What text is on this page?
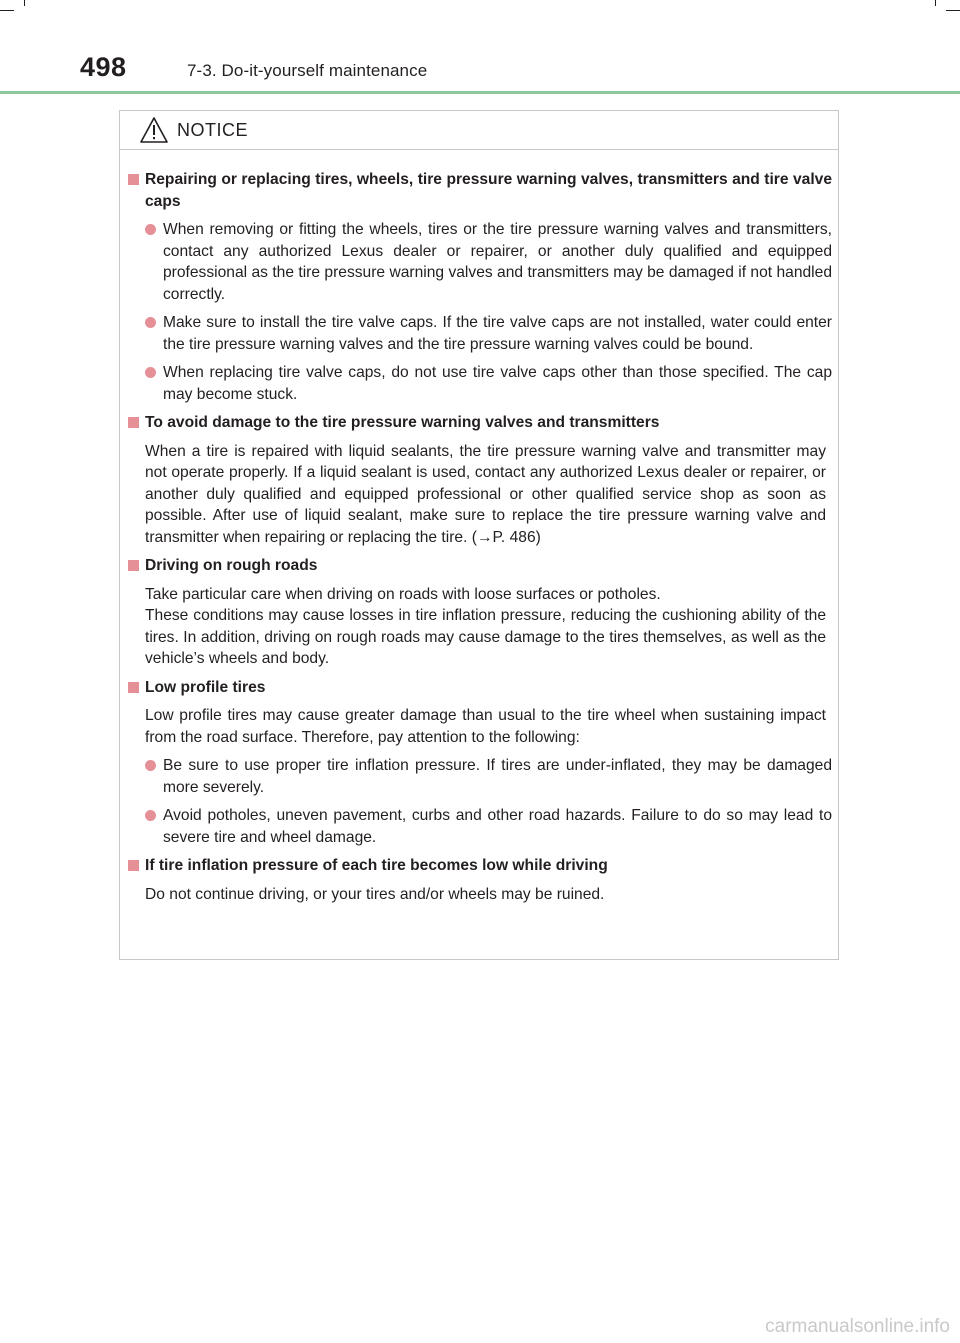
498	7-3. Do-it-yourself maintenance
NOTICE
Repairing or replacing tires, wheels, tire pressure warning valves, transmitters and tire valve caps
When removing or fitting the wheels, tires or the tire pressure warning valves and transmitters, contact any authorized Lexus dealer or repairer, or another duly qualified and equipped professional as the tire pressure warning valves and transmitters may be damaged if not handled correctly.
Make sure to install the tire valve caps. If the tire valve caps are not installed, water could enter the tire pressure warning valves and the tire pressure warning valves could be bound.
When replacing tire valve caps, do not use tire valve caps other than those specified. The cap may become stuck.
To avoid damage to the tire pressure warning valves and transmitters
When a tire is repaired with liquid sealants, the tire pressure warning valve and transmitter may not operate properly. If a liquid sealant is used, contact any authorized Lexus dealer or repairer, or another duly qualified and equipped professional or other qualified service shop as soon as possible. After use of liquid sealant, make sure to replace the tire pressure warning valve and transmitter when repairing or replacing the tire. (→P. 486)
Driving on rough roads
Take particular care when driving on roads with loose surfaces or potholes.
These conditions may cause losses in tire inflation pressure, reducing the cushioning ability of the tires. In addition, driving on rough roads may cause damage to the tires themselves, as well as the vehicle’s wheels and body.
Low profile tires
Low profile tires may cause greater damage than usual to the tire wheel when sustaining impact from the road surface. Therefore, pay attention to the following:
Be sure to use proper tire inflation pressure. If tires are under-inflated, they may be damaged more severely.
Avoid potholes, uneven pavement, curbs and other road hazards. Failure to do so may lead to severe tire and wheel damage.
If tire inflation pressure of each tire becomes low while driving
Do not continue driving, or your tires and/or wheels may be ruined.
carmanualsonline.info
